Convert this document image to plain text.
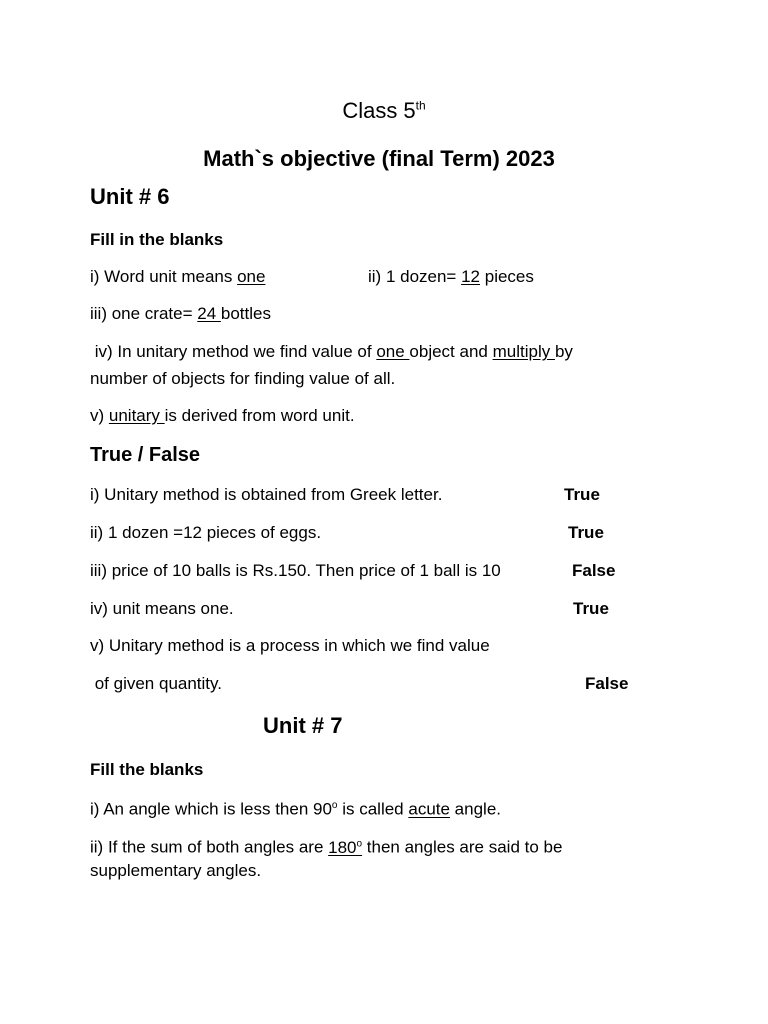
Class 5th
Math`s objective (final Term) 2023
Unit # 6
Fill in the blanks
i) Word unit means one	ii) 1 dozen= 12 pieces
iii) one crate= 24 bottles
iv) In unitary method we find value of one object and multiply by
number of objects for finding value of all.
v) unitary is derived from word unit.
True / False
i) Unitary method is obtained from Greek letter.	True
ii) 1 dozen =12 pieces of eggs.	True
iii) price of 10 balls is Rs.150. Then price of 1 ball is 10	False
iv) unit means one.	True
v) Unitary method is a process in which we find value
of given quantity.	False
Unit # 7
Fill the blanks
i) An angle which is less then 90$^o$ is called acute angle.
ii) If the sum of both angles are 180$^o$ then angles are said to be
supplementary angles.
